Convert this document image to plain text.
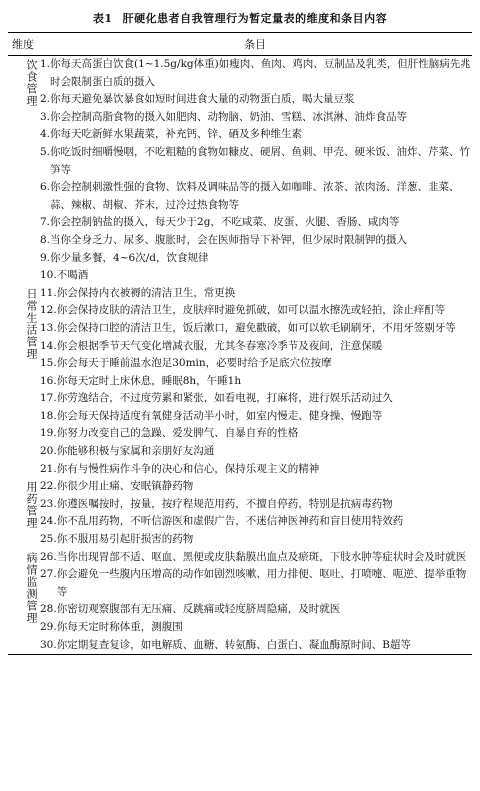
表1 肝硬化患者自我管理行为暂定量表的维度和条目内容
维度	条目
饮食管理 1. 你每天高蛋白饮食(1~1.5g/kg体重)如瘦肉、鱼肉、鸡肉、豆制品及乳类，但肝性脑病先兆时会限制蛋白质的摄入
2. 你每天避免暴饮暴食如短时间进食大量的动物蛋白质，喝大量豆浆
3. 你会控制高脂食物的摄入如肥肉、动物脑、奶油、雪糕、冰淇淋、油炸食品等
4. 你每天吃新鲜水果蔬菜，补充钙、锌、硒及多种维生素
5. 你吃饭时细嚼慢咽，不吃粗糙的食物如糠皮、硬屑、鱼刺、甲壳、硬米饭、油炸、芹菜、竹笋等
6. 你会控制刺激性强的食物、饮料及调味品等的摄入如咖啡、浓茶、浓肉汤、洋葱、韭菜、蒜、辣椒、胡椒、芥末，过冷过热食物等
7. 你会控制钠盐的摄入，每天少于2g，不吃咸菜、皮蛋、火腿、香肠、咸肉等
8. 当你全身乏力、尿多、腹胀时，会在医师指导下补钾，但少尿时限制钾的摄入
9. 你少量多餐，4~6次/d，饮食规律
10. 不喝酒
日常生活管理 11. 你会保持内衣被褥的清洁卫生，常更换
12. 你会保持皮肤的清洁卫生，皮肤痒时避免抓破，如可以温水擦洗或轻拍，涂止痒酊等
13. 你会保持口腔的清洁卫生，饭后漱口，避免戳破，如可以软毛刷刷牙，不用牙签剔牙等
14. 你会根据季节天气变化增减衣服，尤其冬春寒冷季节及夜间，注意保暖
15. 你会每天于睡前温水泡足30min，必要时给予足底穴位按摩
16. 你每天定时上床休息，睡眠8h，午睡1h
17. 你劳逸结合，不过度劳累和紧张，如看电视，打麻将，进行娱乐活动过久
18. 你会每天保持适度有氧健身活动半小时，如室内慢走、健身操、慢跑等
19. 你努力改变自己的急躁、爱发脾气、自暴自弃的性格
20. 你能够积极与家属和亲朋好友沟通
21. 你有与慢性病作斗争的决心和信心，保持乐观主义的精神
用药管理 22. 你很少用止痛、安眠镇静药物
23. 你遵医嘱按时，按量，按疗程规范用药，不擅自停药，特别是抗病毒药物
24. 你不乱用药物，不听信游医和虚假广告，不迷信神医神药和盲目使用特效药
25. 你不服用易引起肝损害的药物
病情监测管理 26. 当你出现胃部不适、呕血、黑便或皮肤黏膜出血点及瘀斑，下肢水肿等症状时会及时就医
27. 你会避免一些腹内压增高的动作如剧烈咳嗽、用力排便、呕吐、打喷嚏、呃逆、提举重物等
28. 你密切观察腹部有无压痛、反跳痛或轻度脐周隐痛，及时就医
29. 你每天定时称体重，测腹围
30. 你定期复查复诊，如电解质、血糖、转氨酶、白蛋白、凝血酶原时间、B超等
